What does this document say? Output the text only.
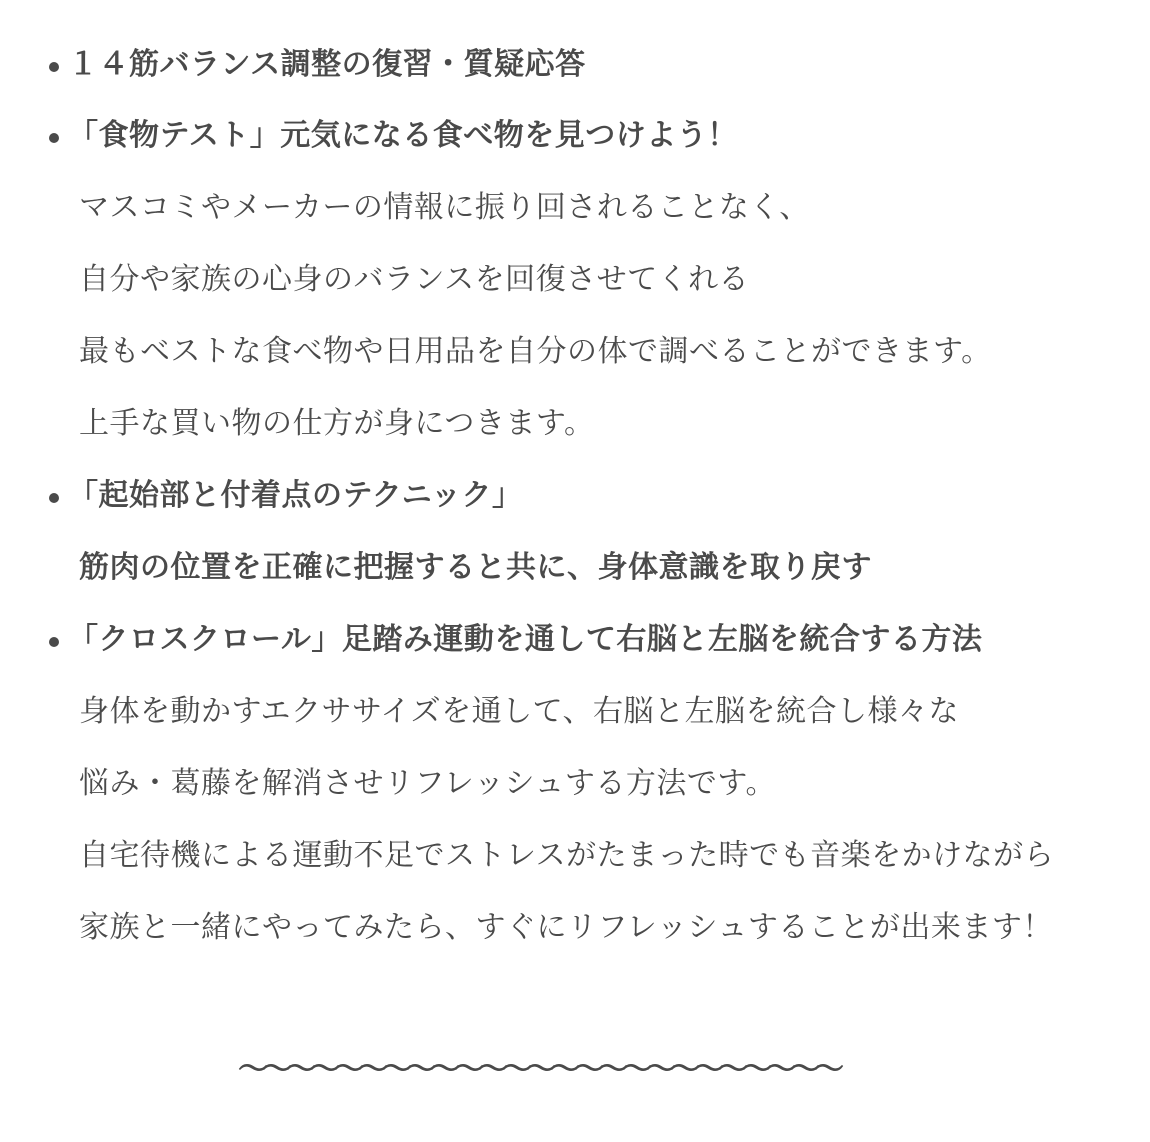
１４筋バランス調整の復習・質疑応答
「食物テスト」元気になる食べ物を見つけよう！
マスコミやメーカーの情報に振り回されることなく、
自分や家族の心身のバランスを回復させてくれる
最もベストな食べ物や日用品を自分の体で調べることができます。
上手な買い物の仕方が身につきます。
「起始部と付着点のテクニック」
筋肉の位置を正確に把握すると共に、身体意識を取り戻す
「クロスクロール」足踏み運動を通して右脳と左脳を統合する方法
身体を動かすエクササイズを通して、右脳と左脳を統合し様々な
悩み・葛藤を解消させリフレッシュする方法です。
自宅待機による運動不足でストレスがたまった時でも音楽をかけながら
家族と一緒にやってみたら、すぐにリフレッシュすることが出来ます！
〜〜〜〜〜〜〜〜〜〜〜〜〜〜〜〜〜〜〜〜〜〜〜〜〜
